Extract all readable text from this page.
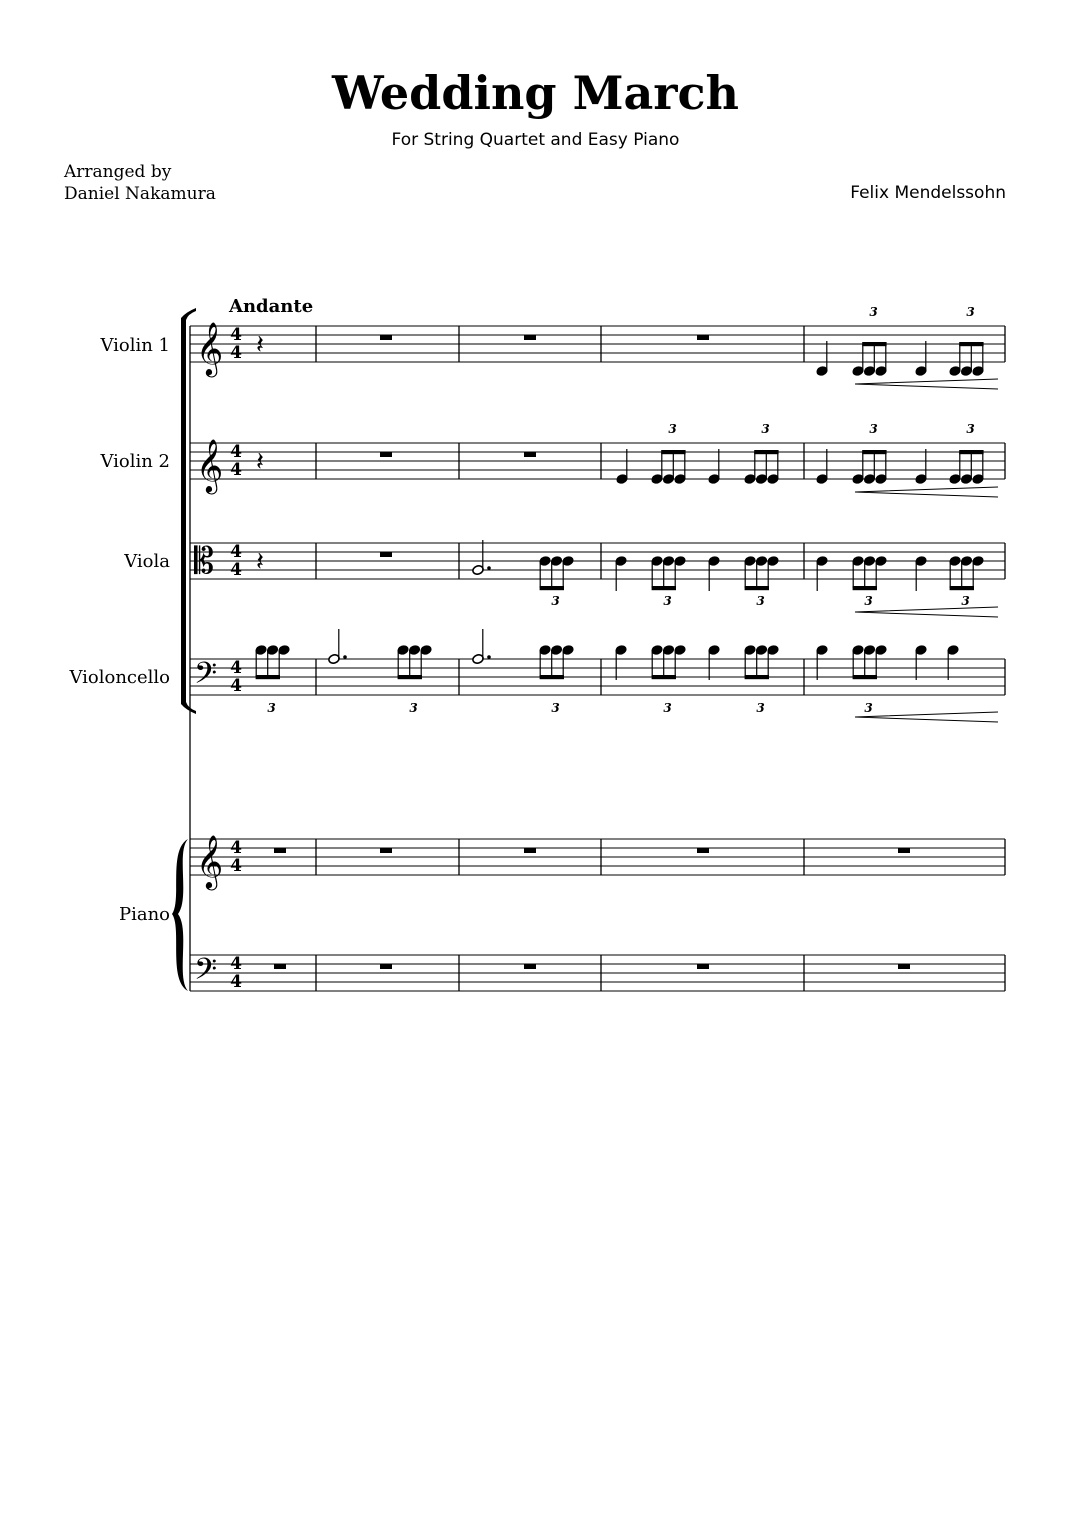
Wedding March
For String Quartet and Easy Piano
Arranged by
Daniel Nakamura	Felix Mendelssohn
𝄞 4
4
𝄞 4
4
𝄡 4
4
𝄢 4
4
𝄞 4
4
𝄢 4
4
𝄽
3	3
𝄽
3	3	3	3
𝄽
3	3	3	3	3
3	3	3	3	3	3
Andante
Violin 1
Violin 2
Viola
Violoncello
Piano
